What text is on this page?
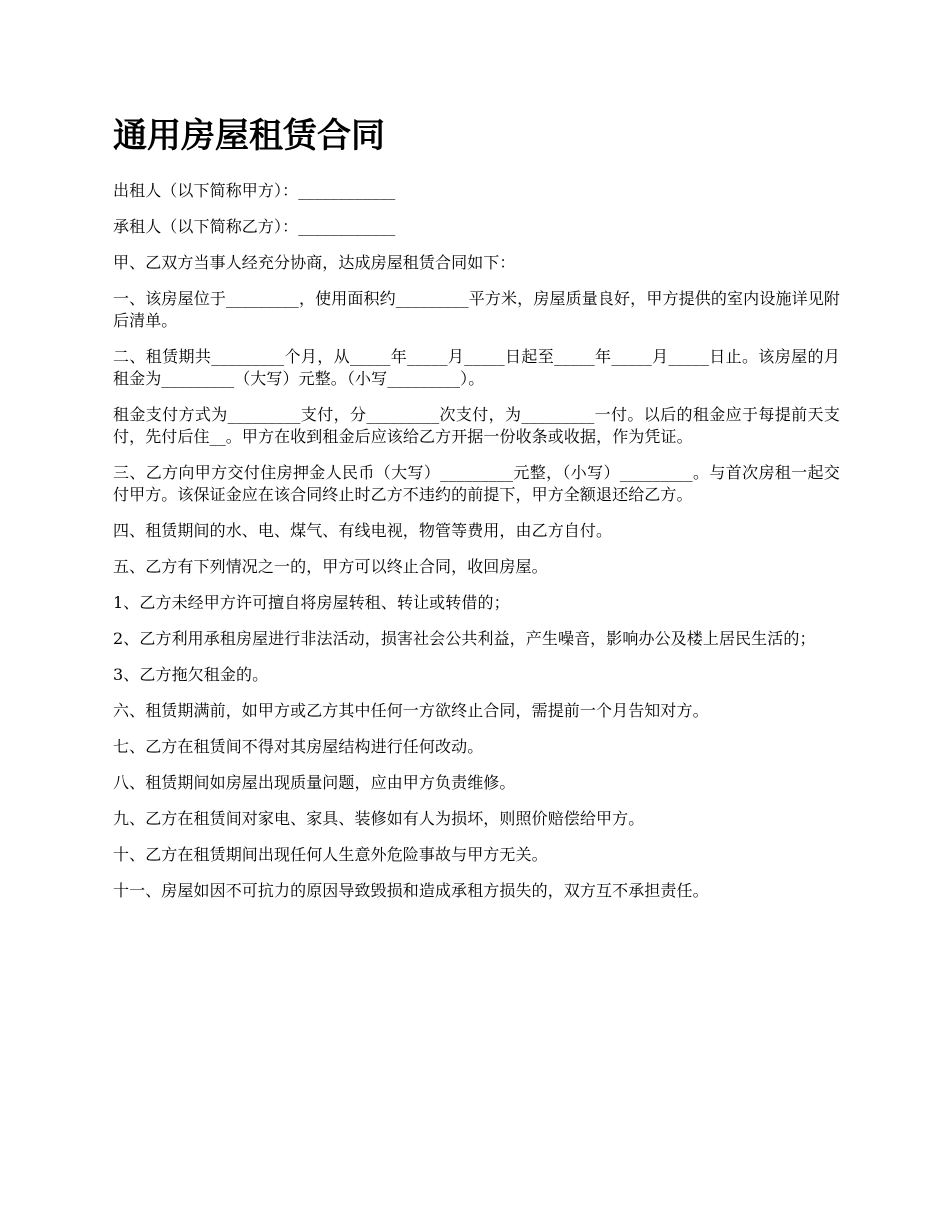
通用房屋租赁合同

出租人（以下简称甲方）：____________

承租人（以下简称乙方）：____________

甲、乙双方当事人经充分协商，达成房屋租赁合同如下：

一、该房屋位于_________，使用面积约_________平方米，房屋质量良好，甲方提供的室内设施详见附后清单。

二、租赁期共_________个月，从_____年_____月_____日起至_____年_____月_____日止。该房屋的月租金为_________（大写）元整。（小写_________）。

租金支付方式为_________支付，分_________次支付，为_________一付。以后的租金应于每提前天支付，先付后住__。甲方在收到租金后应该给乙方开据一份收条或收据，作为凭证。

三、乙方向甲方交付住房押金人民币（大写）_________元整，（小写）_________。与首次房租一起交付甲方。该保证金应在该合同终止时乙方不违约的前提下，甲方全额退还给乙方。

四、租赁期间的水、电、煤气、有线电视，物管等费用，由乙方自付。

五、乙方有下列情况之一的，甲方可以终止合同，收回房屋。

1、乙方未经甲方许可擅自将房屋转租、转让或转借的；

2、乙方利用承租房屋进行非法活动，损害社会公共利益，产生噪音，影响办公及楼上居民生活的；

3、乙方拖欠租金的。

六、租赁期满前，如甲方或乙方其中任何一方欲终止合同，需提前一个月告知对方。

七、乙方在租赁间不得对其房屋结构进行任何改动。

八、租赁期间如房屋出现质量问题，应由甲方负责维修。

九、乙方在租赁间对家电、家具、装修如有人为损坏，则照价赔偿给甲方。

十、乙方在租赁期间出现任何人生意外危险事故与甲方无关。

十一、房屋如因不可抗力的原因导致毁损和造成承租方损失的，双方互不承担责任。
